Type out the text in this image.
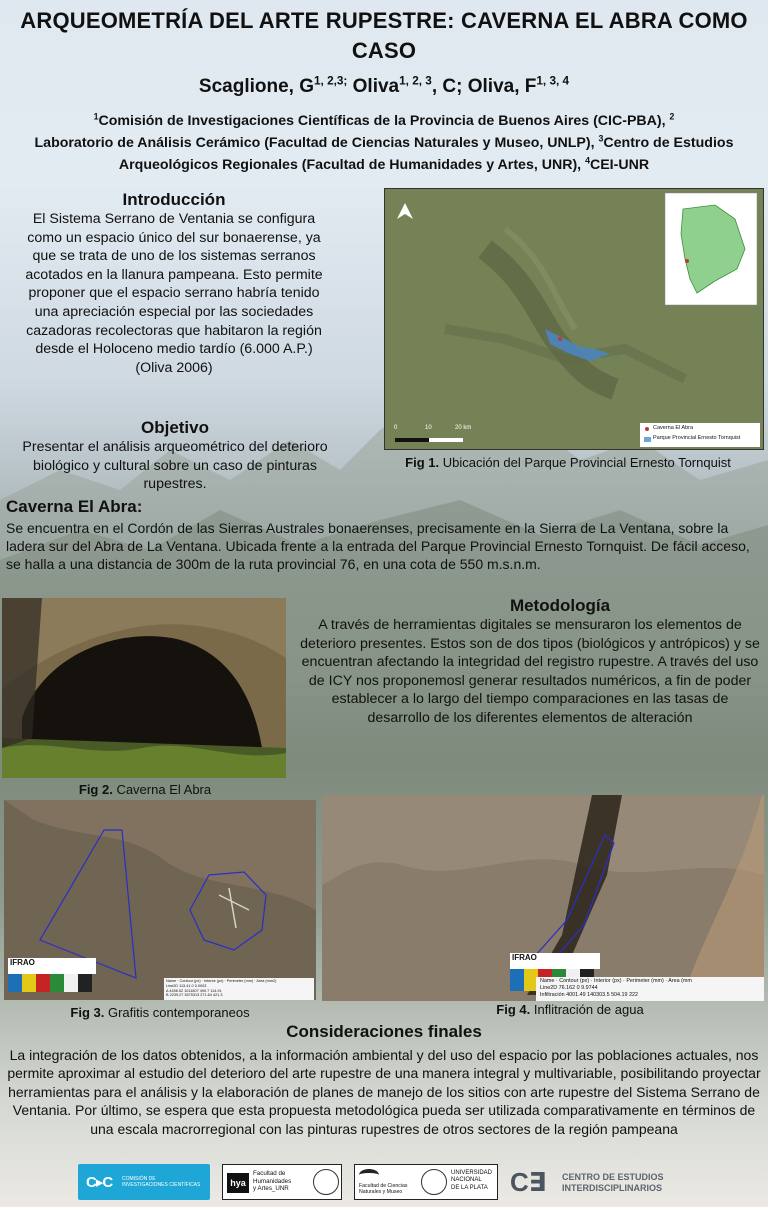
ARQUEOMETRÍA DEL ARTE RUPESTRE: CAVERNA EL ABRA COMO CASO
Scaglione, $G^{1, 2,3;}$ Oliva$^{1, 2, 3}$, C; Oliva, F$^{1, 3, 4}$
$^1$Comisión de Investigaciones Científicas de la Provincia de Buenos Aires (CIC-PBA), $^2$
Laboratorio de Análisis Cerámico (Facultad de Ciencias Naturales y Museo, UNLP), $^3$Centro de Estudios Arqueológicos Regionales (Facultad de Humanidades y Artes, UNR), $^4$CEI-UNR
Introducción
El Sistema Serrano de Ventania se configura como un espacio único del sur bonaerense, ya que se trata de uno de los sistemas serranos acotados en la llanura pampeana. Esto permite proponer que el espacio serrano habría tenido una apreciación especial por las sociedades cazadoras recolectoras que habitaron la región desde el Holoceno medio tardío (6.000 A.P.) (Oliva 2006)
Objetivo
Presentar el análisis arqueométrico del deterioro biológico y cultural sobre un caso de pinturas rupestres.
0	10	20 km	Caverna El Abra
Parque Provincial Ernesto Tornquist
Fig 1. Ubicación del Parque Provincial Ernesto Tornquist
Caverna El Abra:
Se encuentra en el Cordón de las Sierras Australes bonaerenses, precisamente en la Sierra de La Ventana, sobre la ladera sur del Abra de La Ventana. Ubicada frente a la entrada del Parque Provincial Ernesto Tornquist. De fácil acceso, se halla a una distancia de 300m de la ruta provincial 76, en una cota de 550 m.s.n.m.
Fig 2. Caverna El Abra
Metodología
A través de herramientas digitales se mensuraron los elementos de deterioro presentes. Estos son de dos tipos (biológicos y antrópicos) y se encuentran afectando la integridad del registro rupestre. A través del uso de ICY nos proponemosl generar resultados numéricos, a fin de poder establecer a lo largo del tiempo comparaciones en las tasas de desarrollo de los diferentes elementos de alteración
IFRAO
Name · Contour (px) · Interior (px) · Perimeter (mm) · Area (mm2)
Line2D 113.41 0 0.0003
A 4456.52 1011807 490.7 114.91
B 2239.27 3575313 271.64 421.3
Fig 3. Grafitis contemporaneos
IFRAO
Name · Contour (px) · Interior (px) · Perimeter (mm) · Area (mm
Line2D 76.162 0 9.9744
Infiltración 4001.49 140303.5 504.19 222
Fig 4. Inflitración de agua
Consideraciones finales
La integración de los datos obtenidos, a la información ambiental y del uso del espacio por las poblaciones actuales, nos permite aproximar al estudio del deterioro del arte rupestre de una manera integral y multivariable, posibilitando proyectar herramientas para el análisis y la elaboración de planes de manejo de los sitios con arte rupestre del Sistema Serrano de Ventania. Por último, se espera que esta propuesta metodológica pueda ser utilizada comparativamente en términos de una escala macrorregional con las pinturas rupestres de otros sectores de la región pampeana
C▸C	COMISIÓN DE
INVESTIGACIONES CIENTÍFICAS	hya
Facultad de
Humanidades
y Artes_UNR	Facultad de Ciencias
Naturales y Museo
UNIVERSIDAD
NACIONAL
DE LA PLATA C∃ CENTRO DE ESTUDIOS
INTERDISCIPLINARIOS
